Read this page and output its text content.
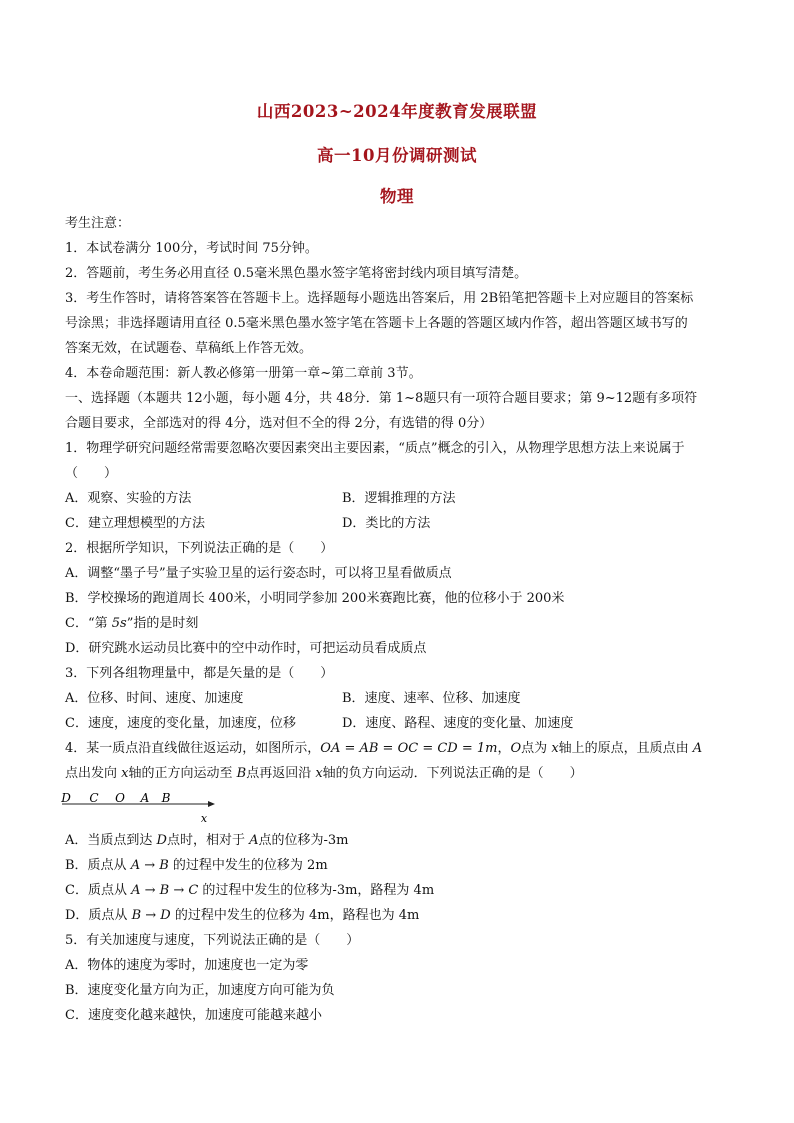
山西2023~2024年度教育发展联盟
高一10月份调研测试
物理
考生注意：
1．本试卷满分 100分，考试时间 75分钟。
2．答题前，考生务必用直径 0.5毫米黑色墨水签字笔将密封线内项目填写清楚。
3．考生作答时，请将答案答在答题卡上。选择题每小题选出答案后，用 2B铅笔把答题卡上对应题目的答案标
号涂黑；非选择题请用直径 0.5毫米黑色墨水签字笔在答题卡上各题的答题区域内作答，超出答题区域书写的
答案无效，在试题卷、草稿纸上作答无效。
4．本卷命题范围：新人教必修第一册第一章~第二章前 3节。
一、选择题（本题共 12小题，每小题 4分，共 48分．第 1~8题只有一项符合题目要求；第 9~12题有多项符
合题目要求，全部选对的得 4分，选对但不全的得 2分，有选错的得 0分）
1．物理学研究问题经常需要忽略次要因素突出主要因素，“质点”概念的引入，从物理学思想方法上来说属于
（　　）
A．观察、实验的方法	B．逻辑推理的方法
C．建立理想模型的方法	D．类比的方法
2．根据所学知识，下列说法正确的是（　　）
A．调整“墨子号”量子实验卫星的运行姿态时，可以将卫星看做质点
B．学校操场的跑道周长 400米，小明同学参加 200米赛跑比赛，他的位移小于 200米
C．“第 5s”指的是时刻
D．研究跳水运动员比赛中的空中动作时，可把运动员看成质点
3．下列各组物理量中，都是矢量的是（　　）
A．位移、时间、速度、加速度	B．速度、速率、位移、加速度
C．速度，速度的变化量，加速度，位移	D．速度、路程、速度的变化量、加速度
4．某一质点沿直线做往返运动，如图所示，OA = AB = OC = CD = 1m，O点为 x轴上的原点，且质点由 A
点出发向 x轴的正方向运动至 B点再返回沿 x轴的负方向运动．下列说法正确的是（　　）
D C O A B
x
A．当质点到达 D点时，相对于 A点的位移为-3m
B．质点从 A → B 的过程中发生的位移为 2m
C．质点从 A → B → C 的过程中发生的位移为-3m，路程为 4m
D．质点从 B → D 的过程中发生的位移为 4m，路程也为 4m
5．有关加速度与速度，下列说法正确的是（　　）
A．物体的速度为零时，加速度也一定为零
B．速度变化量方向为正，加速度方向可能为负
C．速度变化越来越快，加速度可能越来越小
